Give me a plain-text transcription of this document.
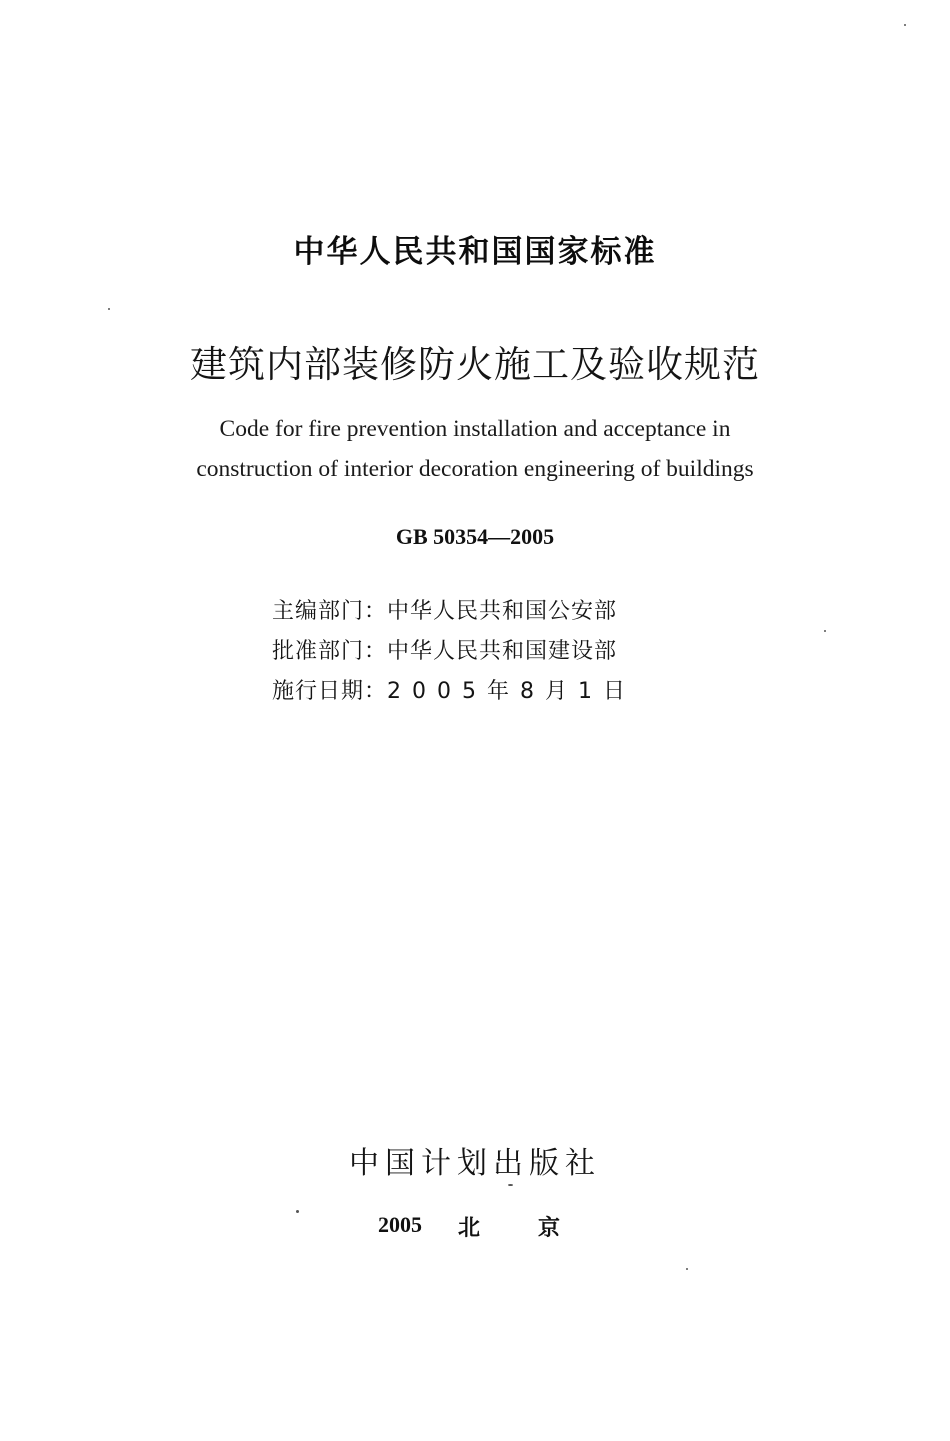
中华人民共和国国家标准
建筑内部装修防火施工及验收规范
Code for fire prevention installation and acceptance in
construction of interior decoration engineering of buildings
GB 50354—2005
主编部门：中华人民共和国公安部
批准部门：中华人民共和国建设部
施行日期：2005年8月1日
中国计划出版社
2005 北	京
